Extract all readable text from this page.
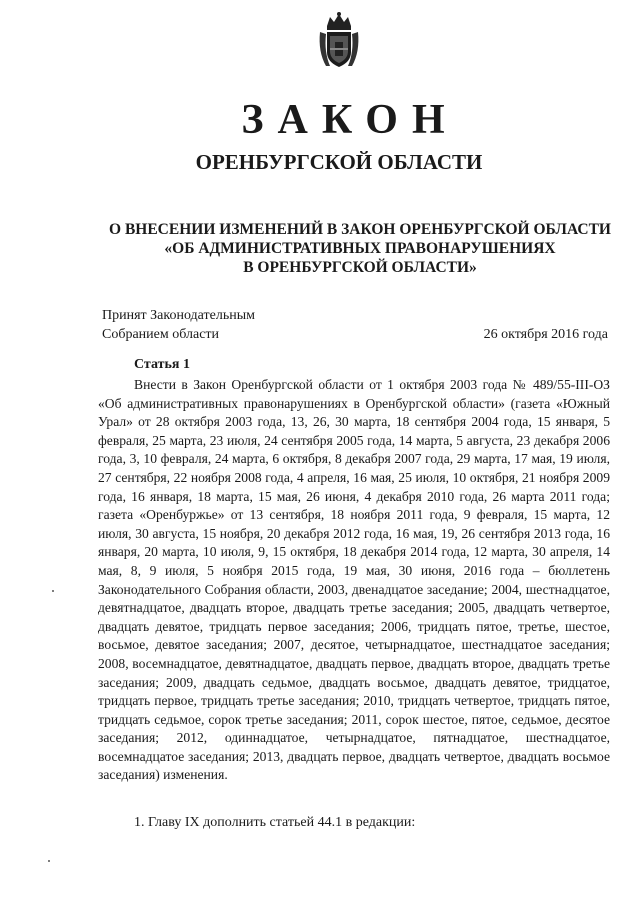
ЗАКОН
ОРЕНБУРГСКОЙ ОБЛАСТИ
О ВНЕСЕНИИ ИЗМЕНЕНИЙ В ЗАКОН ОРЕНБУРГСКОЙ ОБЛАСТИ
«ОБ АДМИНИСТРАТИВНЫХ ПРАВОНАРУШЕНИЯХ
В ОРЕНБУРГСКОЙ ОБЛАСТИ»
Принят Законодательным
Собранием области	26 октября 2016 года
Статья 1

Внести в Закон Оренбургской области от 1 октября 2003 года № 489/55-III-ОЗ «Об административных правонарушениях в Оренбургской области» (газета «Южный Урал» от 28 октября 2003 года, 13, 26, 30 марта, 18 сентября 2004 года, 15 января, 5 февраля, 25 марта, 23 июля, 24 сентября 2005 года, 14 марта, 5 августа, 23 декабря 2006 года, 3, 10 февраля, 24 марта, 6 октября, 8 декабря 2007 года, 29 марта, 17 мая, 19 июля, 27 сентября, 22 ноября 2008 года, 4 апреля, 16 мая, 25 июля, 10 октября, 21 ноября 2009 года, 16 января, 18 марта, 15 мая, 26 июня, 4 декабря 2010 года, 26 марта 2011 года; газета «Оренбуржье» от 13 сентября, 18 ноября 2011 года, 9 февраля, 15 марта, 12 июля, 30 августа, 15 ноября, 20 декабря 2012 года, 16 мая, 19, 26 сентября 2013 года, 16 января, 20 марта, 10 июля, 9, 15 октября, 18 декабря 2014 года, 12 марта, 30 апреля, 14 мая, 8, 9 июля, 5 ноября 2015 года, 19 мая, 30 июня, 2016 года – бюллетень Законодательного Собрания области, 2003, двенадцатое заседание; 2004, шестнадцатое, девятнадцатое, двадцать второе, двадцать третье заседания; 2005, двадцать четвертое, двадцать девятое, тридцать первое заседания; 2006, тридцать пятое, третье, шестое, восьмое, девятое заседания; 2007, десятое, четырнадцатое, шестнадцатое заседания; 2008, восемнадцатое, девятнадцатое, двадцать первое, двадцать второе, двадцать третье заседания; 2009, двадцать седьмое, двадцать восьмое, двадцать девятое, тридцатое, тридцать первое, тридцать третье заседания; 2010, тридцать четвертое, тридцать пятое, тридцать седьмое, сорок третье заседания; 2011, сорок шестое, пятое, седьмое, десятое заседания; 2012, одиннадцатое, четырнадцатое, пятнадцатое, шестнадцатое, восемнадцатое заседания; 2013, двадцать первое, двадцать четвертое, двадцать восьмое заседания) изменения.

1. Главу IX дополнить статьей 44.1 в редакции:
